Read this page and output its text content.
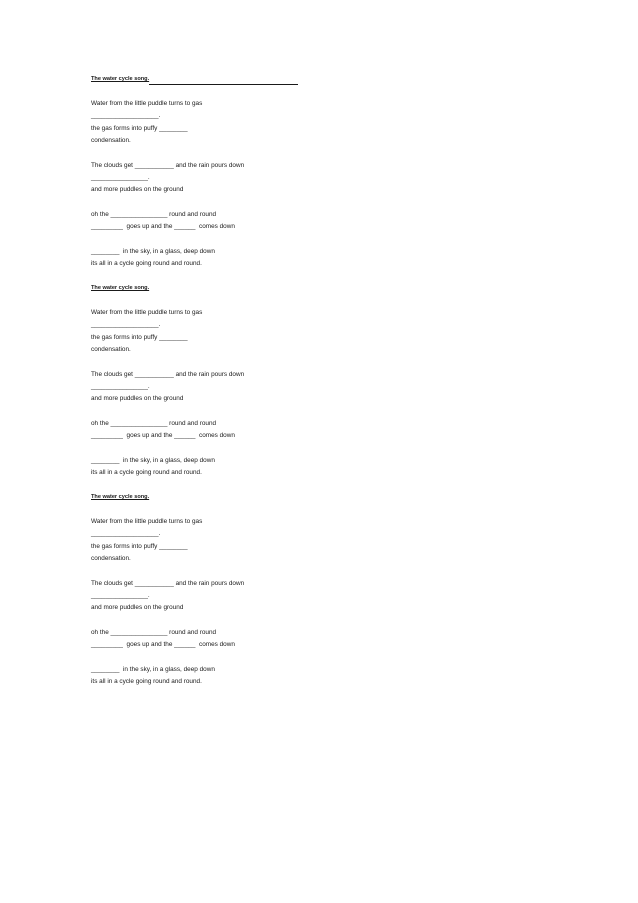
The water cycle song.
Water from the little puddle turns to gas
___________________.
the gas forms into puffy ________
condensation.
The clouds get ___________ and the rain pours down
________________.
and more puddles on the ground
oh the ________________ round and round
_________  goes up and the ______  comes down
________  in the sky, in a glass, deep down
its all in a cycle going round and round.
The water cycle song.
Water from the little puddle turns to gas
___________________.
the gas forms into puffy ________
condensation.
The clouds get ___________ and the rain pours down
________________.
and more puddles on the ground
oh the ________________ round and round
_________  goes up and the ______  comes down
________  in the sky, in a glass, deep down
its all in a cycle going round and round.
The water cycle song.
Water from the little puddle turns to gas
___________________.
the gas forms into puffy ________
condensation.
The clouds get ___________ and the rain pours down
________________.
and more puddles on the ground
oh the ________________ round and round
_________  goes up and the ______  comes down
________  in the sky, in a glass, deep down
its all in a cycle going round and round.
